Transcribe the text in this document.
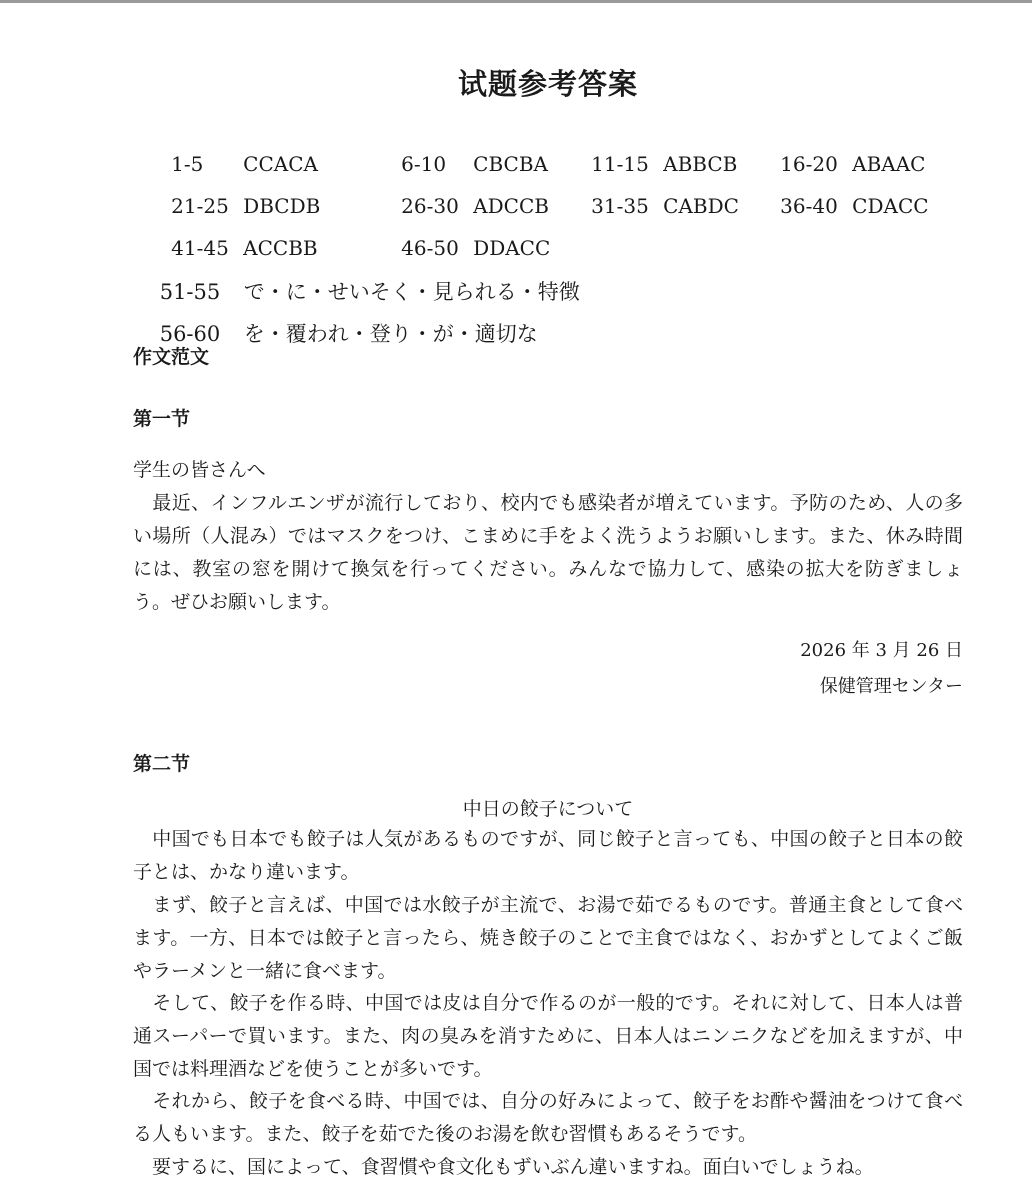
试题参考答案

1-5 CCACA
	6-10 CBCBA
	11-15 ABBCB
	16-20 ABAAC

21-25 DBCDB
	26-30 ADCCB
	31-35 CABDC
	36-40 CDACC

41-45 ACCBB
	46-50 DDACC

51-55 で・に・せいそく・見られる・特徴

56-60 を・覆われ・登り・が・適切な

作文范文
第一节
学生の皆さんへ
　最近、インフルエンザが流行しており、校内でも感染者が増えています。予防のため、人の多い場所（人混み）ではマスクをつけ、こまめに手をよく洗うようお願いします。また、休み時間には、教室の窓を開けて換気を行ってください。みんなで協力して、感染の拡大を防ぎましょう。ぜひお願いします。
2026 年 3 月 26 日
保健管理センター
第二节
中日の餃子について
　中国でも日本でも餃子は人気があるものですが、同じ餃子と言っても、中国の餃子と日本の餃子とは、かなり違います。
　まず、餃子と言えば、中国では水餃子が主流で、お湯で茹でるものです。普通主食として食べます。一方、日本では餃子と言ったら、焼き餃子のことで主食ではなく、おかずとしてよくご飯やラーメンと一緒に食べます。
　そして、餃子を作る時、中国では皮は自分で作るのが一般的です。それに対して、日本人は普通スーパーで買います。また、肉の臭みを消すために、日本人はニンニクなどを加えますが、中国では料理酒などを使うことが多いです。
　それから、餃子を食べる時、中国では、自分の好みによって、餃子をお酢や醤油をつけて食べる人もいます。また、餃子を茹でた後のお湯を飲む習慣もあるそうです。
　要するに、国によって、食習慣や食文化もずいぶん違いますね。面白いでしょうね。
